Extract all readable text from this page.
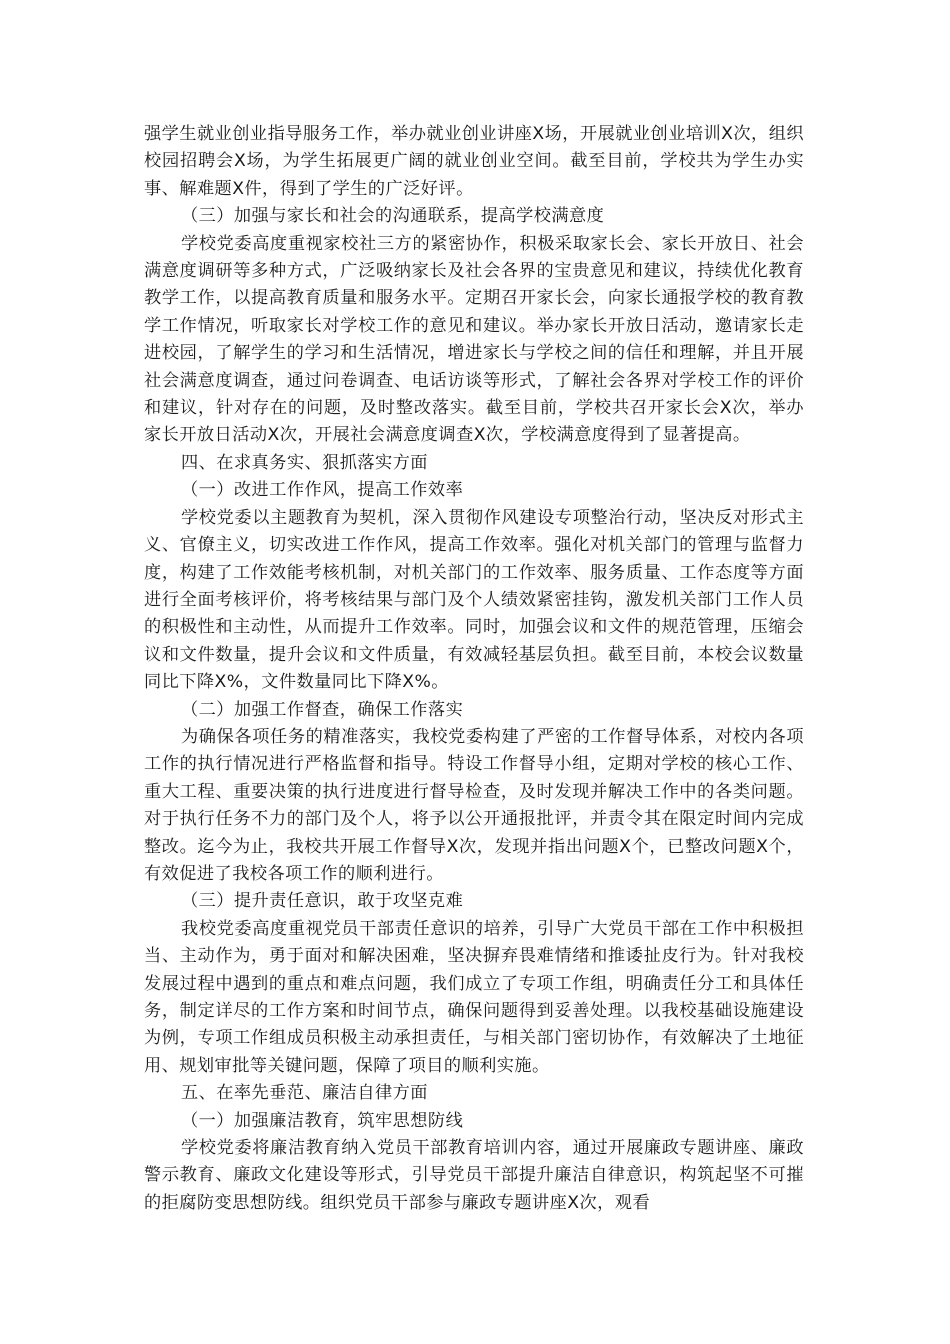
强学生就业创业指导服务工作，举办就业创业讲座X场，开展就业创业培训X次，组织校园招聘会X场，为学生拓展更广阔的就业创业空间。截至目前，学校共为学生办实事、解难题X件，得到了学生的广泛好评。

（三）加强与家长和社会的沟通联系，提高学校满意度

学校党委高度重视家校社三方的紧密协作，积极采取家长会、家长开放日、社会满意度调研等多种方式，广泛吸纳家长及社会各界的宝贵意见和建议，持续优化教育教学工作，以提高教育质量和服务水平。定期召开家长会，向家长通报学校的教育教学工作情况，听取家长对学校工作的意见和建议。举办家长开放日活动，邀请家长走进校园，了解学生的学习和生活情况，增进家长与学校之间的信任和理解，并且开展社会满意度调查，通过问卷调查、电话访谈等形式，了解社会各界对学校工作的评价和建议，针对存在的问题，及时整改落实。截至目前，学校共召开家长会X次，举办家长开放日活动X次，开展社会满意度调查X次，学校满意度得到了显著提高。

四、在求真务实、狠抓落实方面

（一）改进工作作风，提高工作效率

学校党委以主题教育为契机，深入贯彻作风建设专项整治行动，坚决反对形式主义、官僚主义，切实改进工作作风，提高工作效率。强化对机关部门的管理与监督力度，构建了工作效能考核机制，对机关部门的工作效率、服务质量、工作态度等方面进行全面考核评价，将考核结果与部门及个人绩效紧密挂钩，激发机关部门工作人员的积极性和主动性，从而提升工作效率。同时，加强会议和文件的规范管理，压缩会议和文件数量，提升会议和文件质量，有效减轻基层负担。截至目前，本校会议数量同比下降X%，文件数量同比下降X%。

（二）加强工作督查，确保工作落实

为确保各项任务的精准落实，我校党委构建了严密的工作督导体系，对校内各项工作的执行情况进行严格监督和指导。特设工作督导小组，定期对学校的核心工作、重大工程、重要决策的执行进度进行督导检查，及时发现并解决工作中的各类问题。对于执行任务不力的部门及个人，将予以公开通报批评，并责令其在限定时间内完成整改。迄今为止，我校共开展工作督导X次，发现并指出问题X个，已整改问题X个，有效促进了我校各项工作的顺利进行。

（三）提升责任意识，敢于攻坚克难

我校党委高度重视党员干部责任意识的培养，引导广大党员干部在工作中积极担当、主动作为，勇于面对和解决困难，坚决摒弃畏难情绪和推诿扯皮行为。针对我校发展过程中遇到的重点和难点问题，我们成立了专项工作组，明确责任分工和具体任务，制定详尽的工作方案和时间节点，确保问题得到妥善处理。以我校基础设施建设为例，专项工作组成员积极主动承担责任，与相关部门密切协作，有效解决了土地征用、规划审批等关键问题，保障了项目的顺利实施。

五、在率先垂范、廉洁自律方面

（一）加强廉洁教育，筑牢思想防线

学校党委将廉洁教育纳入党员干部教育培训内容，通过开展廉政专题讲座、廉政警示教育、廉政文化建设等形式，引导党员干部提升廉洁自律意识，构筑起坚不可摧的拒腐防变思想防线。组织党员干部参与廉政专题讲座X次，观看
